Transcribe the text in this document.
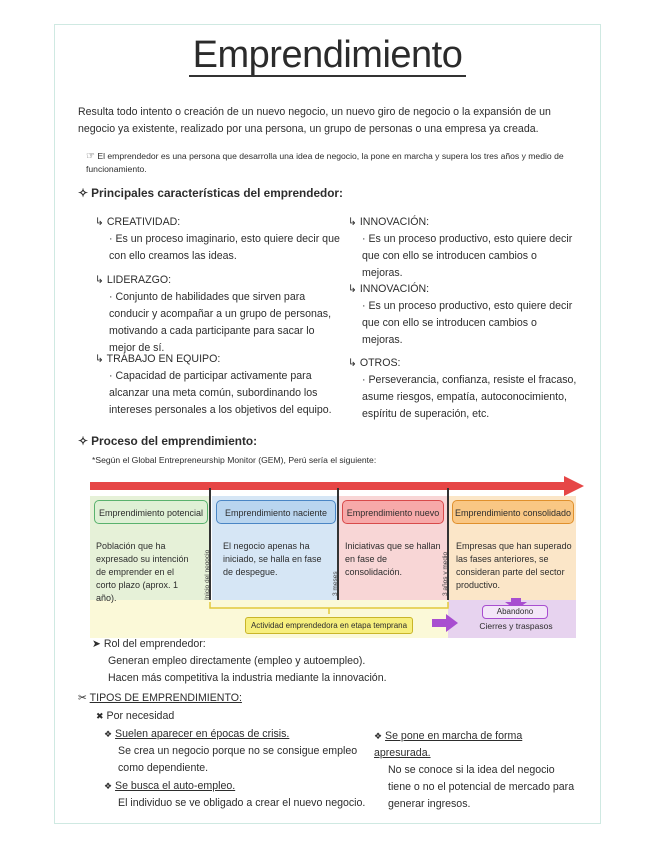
Emprendimiento
Resulta todo intento o creación de un nuevo negocio, un nuevo giro de negocio o la expansión de un negocio ya existente, realizado por una persona, un grupo de personas o una empresa ya creada.
☞ El emprendedor es una persona que desarrolla una idea de negocio, la pone en marcha y supera los tres años y medio de funcionamiento.
✧ Principales características del emprendedor:
↳ CREATIVIDAD:
· Es un proceso imaginario, esto quiere decir que con ello creamos las ideas.
↳ LIDERAZGO:
· Conjunto de habilidades que sirven para conducir y acompañar a un grupo de personas, motivando a cada participante para sacar lo mejor de sí.
↳ TRABAJO EN EQUIPO:
· Capacidad de participar activamente para alcanzar una meta común, subordinando los intereses personales a los objetivos del equipo.
↳ INNOVACIÓN:
· Es un proceso productivo, esto quiere decir que con ello se introducen cambios o mejoras.
↳ INNOVACIÓN:
· Es un proceso productivo, esto quiere decir que con ello se introducen cambios o mejoras.
↳ OTROS:
· Perseverancia, confianza, resiste el fracaso, asume riesgos, empatía, autoconocimiento, espíritu de superación, etc.
✧ Proceso del emprendimiento:
*Según el Global Entrepreneurship Monitor (GEM), Perú sería el siguiente:
Emprendimiento potencial	Emprendimiento naciente	Emprendimiento nuevo	Emprendimiento consolidado
Población que ha expresado su intención de emprender en el corto plazo (aprox. 1 año).
El negocio apenas ha iniciado, se halla en fase de despegue.
Iniciativas que se hallan en fase de consolidación.
Empresas que han superado las fases anteriores, se consideran parte del sector productivo.
Inicio del negocio	3 meses	3 años y medio
Actividad emprendedora en etapa temprana
Abandono
Cierres y traspasos
➤ Rol del emprendedor:
Generan empleo directamente (empleo y autoempleo).
Hacen más competitiva la industria mediante la innovación.
✂ TIPOS DE EMPRENDIMIENTO:
✖ Por necesidad
❖ Suelen aparecer en épocas de crisis.
Se crea un negocio porque no se consigue empleo como dependiente.
❖ Se busca el auto-empleo.
El individuo se ve obligado a crear el nuevo negocio.
❖ Se pone en marcha de forma apresurada.
No se conoce si la idea del negocio tiene o no el potencial de mercado para generar ingresos.
